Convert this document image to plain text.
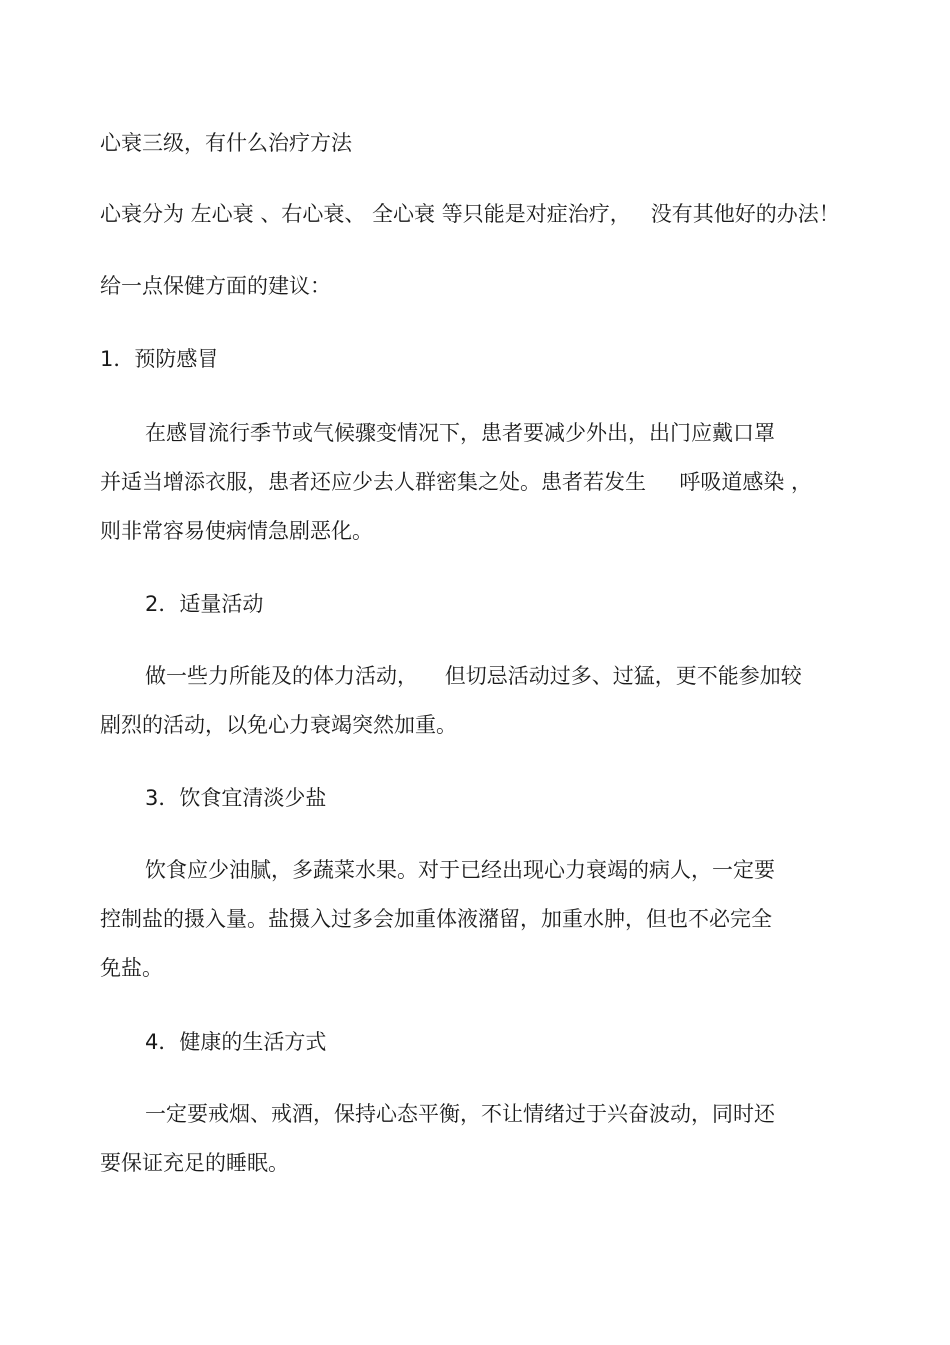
心衰三级，有什么治疗方法
心衰分为 左心衰 、右心衰、 全心衰 等只能是对症治疗，   没有其他好的办法！
给一点保健方面的建议：
1．预防感冒
在感冒流行季节或气候骤变情况下，患者要减少外出，出门应戴口罩
并适当增添衣服，患者还应少去人群密集之处。患者若发生     呼吸道感染 ，
则非常容易使病情急剧恶化。
2．适量活动
做一些力所能及的体力活动，    但切忌活动过多、过猛，更不能参加较
剧烈的活动，以免心力衰竭突然加重。
3．饮食宜清淡少盐
饮食应少油腻，多蔬菜水果。对于已经出现心力衰竭的病人，一定要
控制盐的摄入量。盐摄入过多会加重体液潴留，加重水肿，但也不必完全
免盐。
4．健康的生活方式
一定要戒烟、戒酒，保持心态平衡，不让情绪过于兴奋波动，同时还
要保证充足的睡眠。
